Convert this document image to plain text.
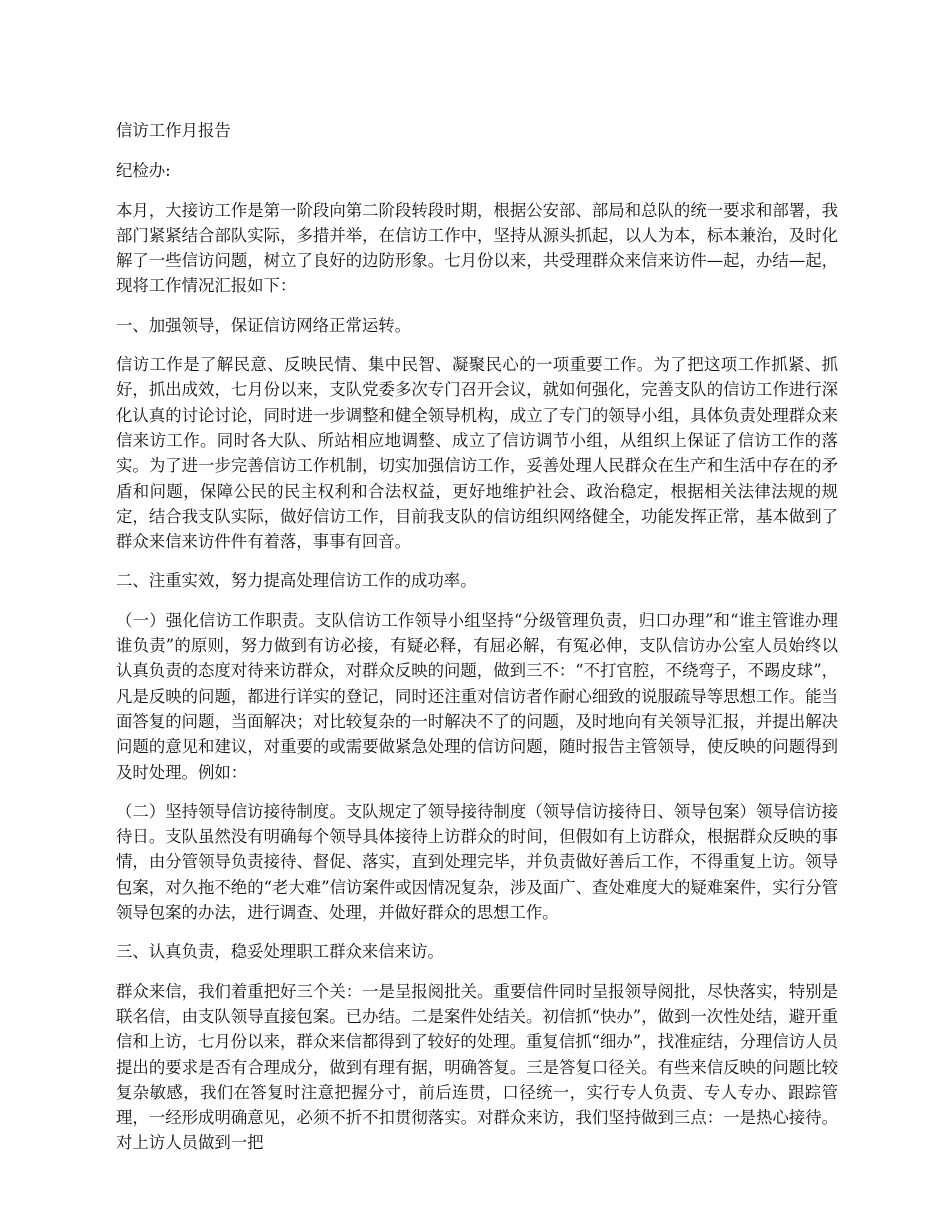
信访工作月报告

纪检办:

本月，大接访工作是第一阶段向第二阶段转段时期，根据公安部、部局和总队的统一要求和部署，我部门紧紧结合部队实际，多措并举，在信访工作中，坚持从源头抓起，以人为本，标本兼治，及时化解了一些信访问题，树立了良好的边防形象。七月份以来，共受理群众来信来访件—起，办结—起，现将工作情况汇报如下：

一、加强领导，保证信访网络正常运转。

信访工作是了解民意、反映民情、集中民智、凝聚民心的一项重要工作。为了把这项工作抓紧、抓好，抓出成效，七月份以来，支队党委多次专门召开会议，就如何强化，完善支队的信访工作进行深化认真的讨论讨论，同时进一步调整和健全领导机构，成立了专门的领导小组，具体负责处理群众来信来访工作。同时各大队、所站相应地调整、成立了信访调节小组，从组织上保证了信访工作的落实。为了进一步完善信访工作机制，切实加强信访工作，妥善处理人民群众在生产和生活中存在的矛盾和问题，保障公民的民主权利和合法权益，更好地维护社会、政治稳定，根据相关法律法规的规定，结合我支队实际，做好信访工作，目前我支队的信访组织网络健全，功能发挥正常，基本做到了群众来信来访件件有着落，事事有回音。

二、注重实效，努力提高处理信访工作的成功率。

（一）强化信访工作职责。支队信访工作领导小组坚持“分级管理负责，归口办理”和“谁主管谁办理谁负责”的原则，努力做到有访必接，有疑必释，有屈必解，有冤必伸，支队信访办公室人员始终以认真负责的态度对待来访群众，对群众反映的问题，做到三不：“不打官腔，不绕弯子，不踢皮球”，凡是反映的问题，都进行详实的登记，同时还注重对信访者作耐心细致的说服疏导等思想工作。能当面答复的问题，当面解决；对比较复杂的一时解决不了的问题，及时地向有关领导汇报，并提出解决问题的意见和建议，对重要的或需要做紧急处理的信访问题，随时报告主管领导，使反映的问题得到及时处理。例如：

（二）坚持领导信访接待制度。支队规定了领导接待制度（领导信访接待日、领导包案）领导信访接待日。支队虽然没有明确每个领导具体接待上访群众的时间，但假如有上访群众，根据群众反映的事情，由分管领导负责接待、督促、落实，直到处理完毕，并负责做好善后工作，不得重复上访。领导包案，对久拖不绝的“老大难”信访案件或因情况复杂，涉及面广、查处难度大的疑难案件，实行分管领导包案的办法，进行调查、处理，并做好群众的思想工作。

三、认真负责，稳妥处理职工群众来信来访。

群众来信，我们着重把好三个关：一是呈报阅批关。重要信件同时呈报领导阅批，尽快落实，特别是联名信，由支队领导直接包案。已办结。二是案件处结关。初信抓“快办”，做到一次性处结，避开重信和上访，七月份以来，群众来信都得到了较好的处理。重复信抓“细办”，找准症结，分理信访人员提出的要求是否有合理成分，做到有理有据，明确答复。三是答复口径关。有些来信反映的问题比较复杂敏感，我们在答复时注意把握分寸，前后连贯，口径统一，实行专人负责、专人专办、跟踪管理，一经形成明确意见，必须不折不扣贯彻落实。对群众来访，我们坚持做到三点：一是热心接待。对上访人员做到一把
